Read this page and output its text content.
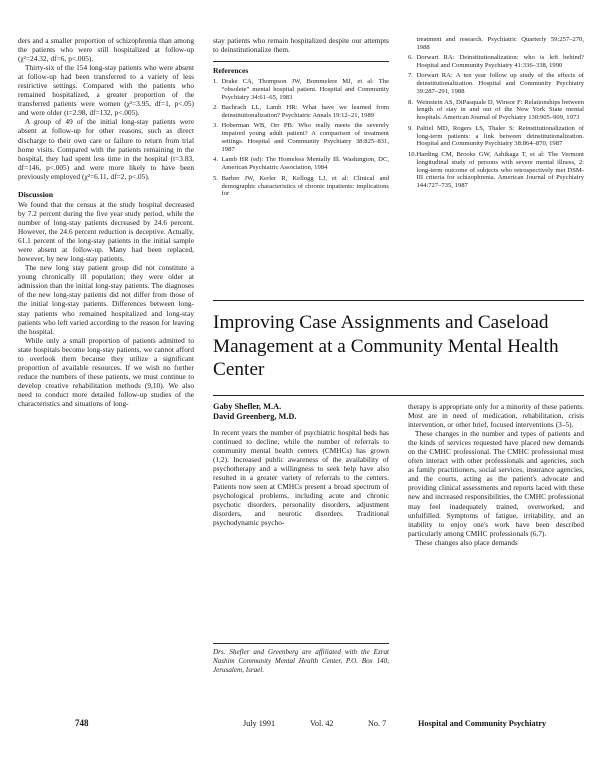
ders and a smaller proportion of schizophrenia than among the patients who were still hospitalized at follow-up (χ²=24.32, df=6, p<.005).

Thirty-six of the 154 long-stay patients who were absent at follow-up had been transferred to a variety of less restrictive settings. Compared with the patients who remained hospitalized, a greater proportion of the transferred patients were women (χ²=3.95, df=1, p<.05) and were older (t=2.98, df=132, p<.005).

A group of 49 of the initial long-stay patients were absent at follow-up for other reasons, such as direct discharge to their own care or failure to return from trial home visits. Compared with the patients remaining in the hospital, they had spent less time in the hospital (t=3.83, df=146, p<.005) and were more likely to have been previously employed (χ²=6.11, df=2, p<.05).

Discussion

We found that the census at the study hospital decreased by 7.2 percent during the five year study period, while the number of long-stay patients decreased by 24.6 percent. However, the 24.6 percent reduction is deceptive. Actually, 61.1 percent of the long-stay patients in the initial sample were absent at follow-up. Many had been replaced, however, by new long-stay patients.

The new long stay patient group did not constitute a young chronically ill population; they were older at admission than the initial long-stay patients. The diagnoses of the new long-stay patients did not differ from those of the initial long-stay patients. Differences between long-stay patients who remained hospitalized and long-stay patients who left varied according to the reason for leaving the hospital.

While only a small proportion of patients admitted to state hospitals become long-stay patients, we cannot afford to overlook them because they utilize a significant proportion of available resources. If we wish no further reduce the numbers of these patients, we must continue to develop creative rehabilitation methods (9,10). We also need to conduct more detailed follow-up studies of the characteristics and situations of long-

stay patients who remain hospitalized despite our attempts to deinstitutionalize them.

References
1. Drake CA, Thompson JW, Bommelere MJ, et al: The “obsolete” mental hospital patient. Hospital and Community Psychiatry 34:61–65, 1983
2. Bachrach LL, Lamb HR: What have we learned from deinstitutionalization? Psychiatric Annals 19:12–21, 1989
3. Hoberman WB, Orr PB: Who really meets the severely impaired young adult patient? A comparison of treatment settings. Hospital and Community Psychiatry 38:825–831, 1987
4. Lamb HR (ed): The Homeless Mentally Ill. Washington, DC, American Psychiatric Association, 1984
5. Barber JW, Kerler R, Kellogg LJ, et al: Clinical and demographic characteristics of chronic inpatients: implications for
treatment and research. Psychiatric Quarterly 59:257–270, 1988
6. Dorwart RA: Deinstitutionalization: who is left behind? Hospital and Community Psychiatry 41:336–338, 1990
7. Dorwart RA: A ten year follow up study of the effects of deinstitutionalization. Hospital and Community Psychiatry 39:287–291, 1988
8. Weinstein AS, DiPasquale D, Winsor F: Relationships between length of stay in and out of the New York State mental hospitals. American Journal of Psychiatry 130:905–909, 1973
9. Paltiel MD, Rogers LS, Thaler S: Reinstitutionalization of long-term patients: a link between deinstitutionalization. Hospital and Community Psychiatry 38:864–870, 1987
10. Harding CM, Brooks GW, Ashikaga T, et al: The Vermont longitudinal study of persons with severe mental illness, 2: long-term outcome of subjects who retrospectively met DSM-III criteria for schizophrenia. American Journal of Psychiatry 144:727–735, 1987
Improving Case Assignments and Caseload Management at a Community Mental Health Center
Gaby Shefler, M.A.
David Greenberg, M.D.

In recent years the number of psychiatric hospital beds has continued to decline, while the number of referrals to community mental health centers (CMHCs) has grown (1,2). Increased public awareness of the availability of psychotherapy and a willingness to seek help have also resulted in a greater variety of referrals to the centers. Patients now seen at CMHCs present a broad spectrum of psychological problems, including acute and chronic psychotic disorders, personality disorders, adjustment disorders, and neurotic disorders. Traditional psychodynamic psycho-

therapy is appropriate only for a minority of these patients. Most are in need of medication, rehabilitation, crisis intervention, or other brief, focused interventions (3–5).

These changes in the number and types of patients and the kinds of services requested have placed new demands on the CMHC professional. The CMHC professional must often interact with other professionals and agencies, such as family practitioners, social services, insurance agencies, and the courts, acting as the patient's advocate and providing clinical assessments and reports laced with these new and increased responsibilities, the CMHC professional may feel inadequately trained, overworked, and unfulfilled. Symptoms of fatigue, irritability, and an inability to enjoy one's work have been described particularly among CMHC professionals (6,7).

These changes also place demands

Drs. Shefler and Greenberg are affiliated with the Ezrat Nashim Community Mental Health Center, P.O. Box 140, Jerusalem, Israel.

748	July 1991	Vol. 42	No. 7	Hospital and Community Psychiatry
